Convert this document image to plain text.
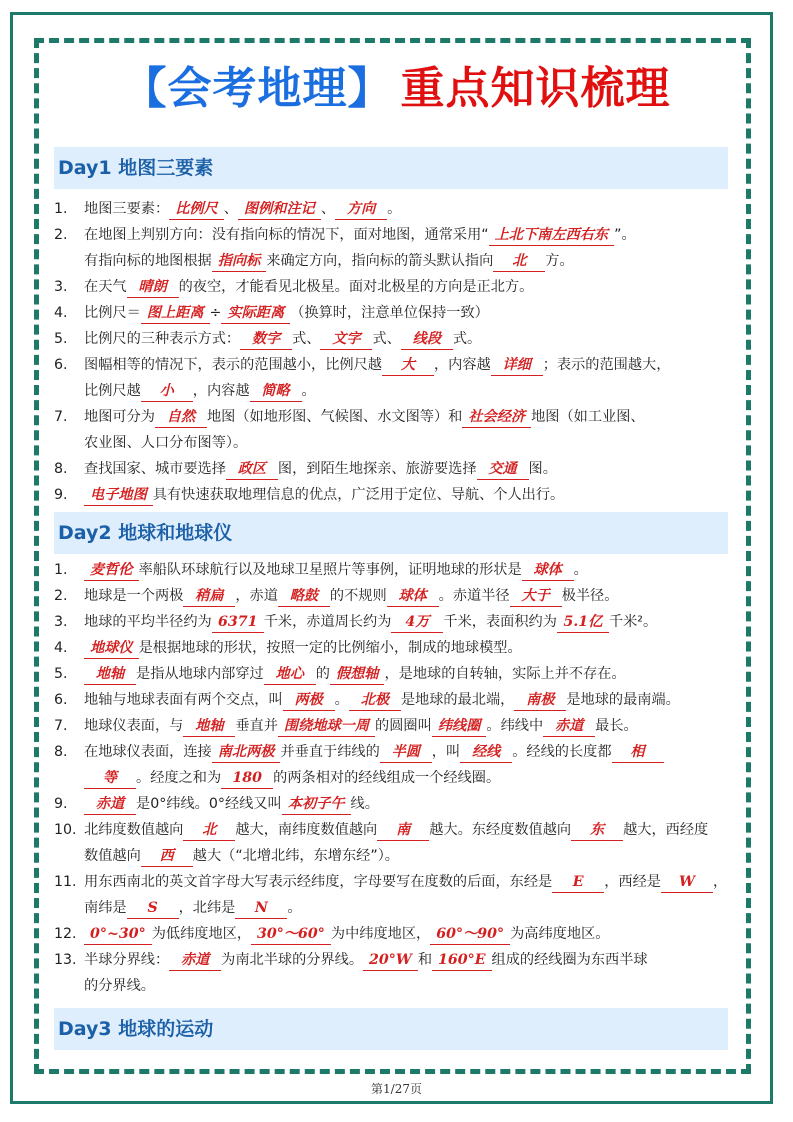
【会考地理】 重点知识梳理
Day1 地图三要素
1. 地图三要素： 比例尺 、 图例和注记 、 方向 。
2. 在地图上判别方向：没有指向标的情况下，面对地图，通常采用“ 上北下南左西右东 ”。
有指向标的地图根据 指向标 来确定方向，指向标的箭头默认指向 北 方。
3. 在天气 晴朗 的夜空，才能看见北极星。面对北极星的方向是正北方。
4. 比例尺＝ 图上距离 ÷ 实际距离 （换算时，注意单位保持一致）
5. 比例尺的三种表示方式： 数字 式、 文字 式、 线段 式。
6. 图幅相等的情况下，表示的范围越小，比例尺越 大 ，内容越 详细 ；表示的范围越大，
比例尺越 小 ，内容越 简略 。
7. 地图可分为 自然 地图（如地形图、气候图、水文图等）和 社会经济 地图（如工业图、
农业图、人口分布图等）。
8. 查找国家、城市要选择 政区 图，到陌生地探亲、旅游要选择 交通 图。
9.	电子地图 具有快速获取地理信息的优点，广泛用于定位、导航、个人出行。
Day2 地球和地球仪
1.	麦哲伦 率船队环球航行以及地球卫星照片等事例，证明地球的形状是 球体 。
2. 地球是一个两极 稍扁 ，赤道 略鼓 的不规则 球体 。赤道半径 大于 极半径。
3. 地球的平均半径约为 6371 千米，赤道周长约为 4万 千米，表面积约为 5.1亿 千米²。
4.	地球仪 是根据地球的形状，按照一定的比例缩小，制成的地球模型。
5.	地轴 是指从地球内部穿过 地心 的 假想轴 ，是地球的自转轴，实际上并不存在。
6. 地轴与地球表面有两个交点，叫 两极 。 北极 是地球的最北端， 南极 是地球的最南端。
7. 地球仪表面，与 地轴 垂直并 围绕地球一周 的圆圈叫 纬线圈 。纬线中 赤道 最长。
8. 在地球仪表面，连接 南北两极 并垂直于纬线的 半圆 ，叫 经线 。经线的长度都 相
等 。经度之和为 180 的两条相对的经线组成一个经线圈。
9.	赤道 是0°纬线。0°经线又叫 本初子午 线。
10. 北纬度数值越向 北 越大，南纬度数值越向 南 越大。东经度数值越向 东 越大，西经度
数值越向 西 越大（“北增北纬，东增东经”）。
11. 用东西南北的英文首字母大写表示经纬度，字母要写在度数的后面，东经是 E ，西经是 W ，
南纬是 S ，北纬是 N 。
12. 0°~30° 为低纬度地区， 30°～60° 为中纬度地区， 60°～90° 为高纬度地区。
13. 半球分界线： 赤道 为南北半球的分界线。 20°W 和 160°E 组成的经线圈为东西半球
的分界线。
Day3 地球的运动
第1/27页
